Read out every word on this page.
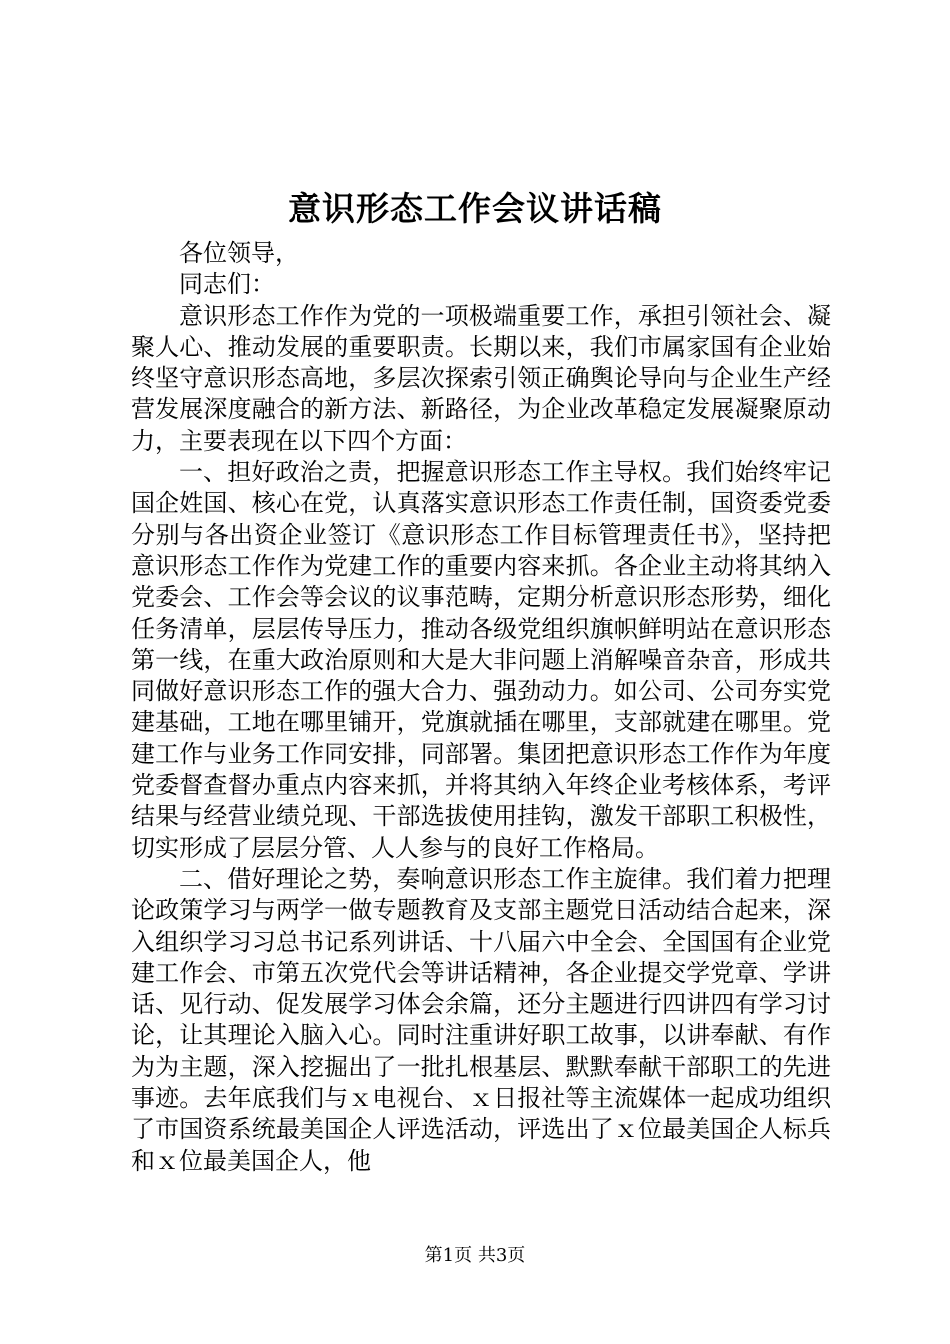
意识形态工作会议讲话稿

各位领导，

同志们：

意识形态工作作为党的一项极端重要工作，承担引领社会、凝聚人心、推动发展的重要职责。长期以来，我们市属家国有企业始终坚守意识形态高地，多层次探索引领正确舆论导向与企业生产经营发展深度融合的新方法、新路径，为企业改革稳定发展凝聚原动力，主要表现在以下四个方面：

一、担好政治之责，把握意识形态工作主导权。我们始终牢记国企姓国、核心在党，认真落实意识形态工作责任制，国资委党委分别与各出资企业签订《意识形态工作目标管理责任书》，坚持把意识形态工作作为党建工作的重要内容来抓。各企业主动将其纳入党委会、工作会等会议的议事范畴，定期分析意识形态形势，细化任务清单，层层传导压力，推动各级党组织旗帜鲜明站在意识形态第一线，在重大政治原则和大是大非问题上消解噪音杂音，形成共同做好意识形态工作的强大合力、强劲动力。如公司、公司夯实党建基础，工地在哪里铺开，党旗就插在哪里，支部就建在哪里。党建工作与业务工作同安排，同部署。集团把意识形态工作作为年度党委督查督办重点内容来抓，并将其纳入年终企业考核体系，考评结果与经营业绩兑现、干部选拔使用挂钩，激发干部职工积极性，切实形成了层层分管、人人参与的良好工作格局。

二、借好理论之势，奏响意识形态工作主旋律。我们着力把理论政策学习与两学一做专题教育及支部主题党日活动结合起来，深入组织学习习总书记系列讲话、十八届六中全会、全国国有企业党建工作会、市第五次党代会等讲话精神，各企业提交学党章、学讲话、见行动、促发展学习体会余篇，还分主题进行四讲四有学习讨论，让其理论入脑入心。同时注重讲好职工故事，以讲奉献、有作为为主题，深入挖掘出了一批扎根基层、默默奉献干部职工的先进事迹。去年底我们与ｘ电视台、ｘ日报社等主流媒体一起成功组织了市国资系统最美国企人评选活动，评选出了ｘ位最美国企人标兵和ｘ位最美国企人，他

第1页 共3页
